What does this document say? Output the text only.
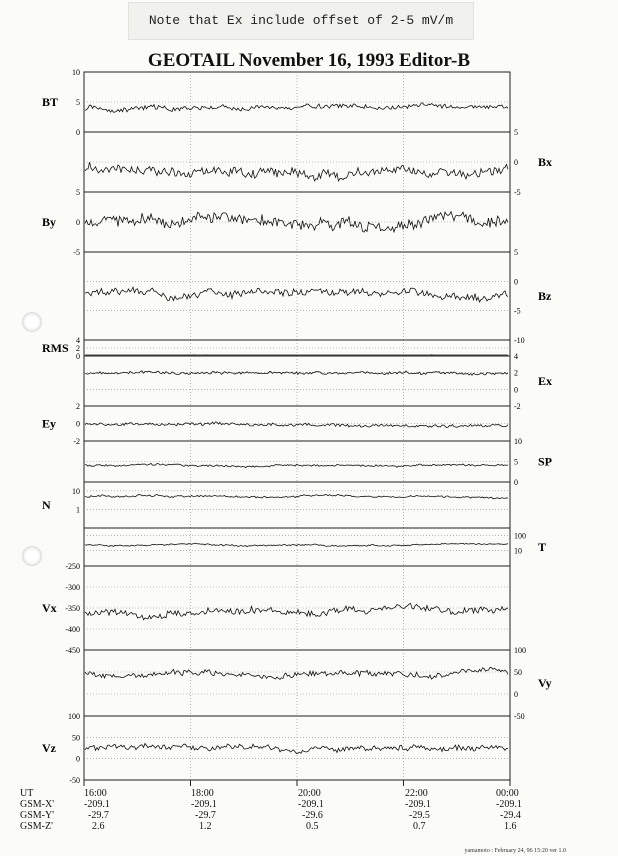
Note that Ex include offset of 2-5 mV/m
GEOTAIL November 16, 1993 Editor-B
0
5
10
BT
-5
0
5
Bx
-5
0
5
By
-10
-5
0
5
Bz
0
2
4
RMS
-2
0
2
4
Ex
-2
0
2
Ey
0
5
10
SP
1
10
N
10
100
T
-450
-400
-350
-300
-250
Vx
-50
0
50
100
Vy
-50
0
50
100
Vz
UT	16:00	18:00	20:00	22:00	00:00
GSM-X'	-209.1	-209.1	-209.1	-209.1	-209.1
GSM-Y'	-29.7	-29.7	-29.6	-29.5	-29.4
GSM-Z'	2.6	1.2	0.5	0.7	1.6
yamamoto : February 24, 96 15:20 ver 1.0
